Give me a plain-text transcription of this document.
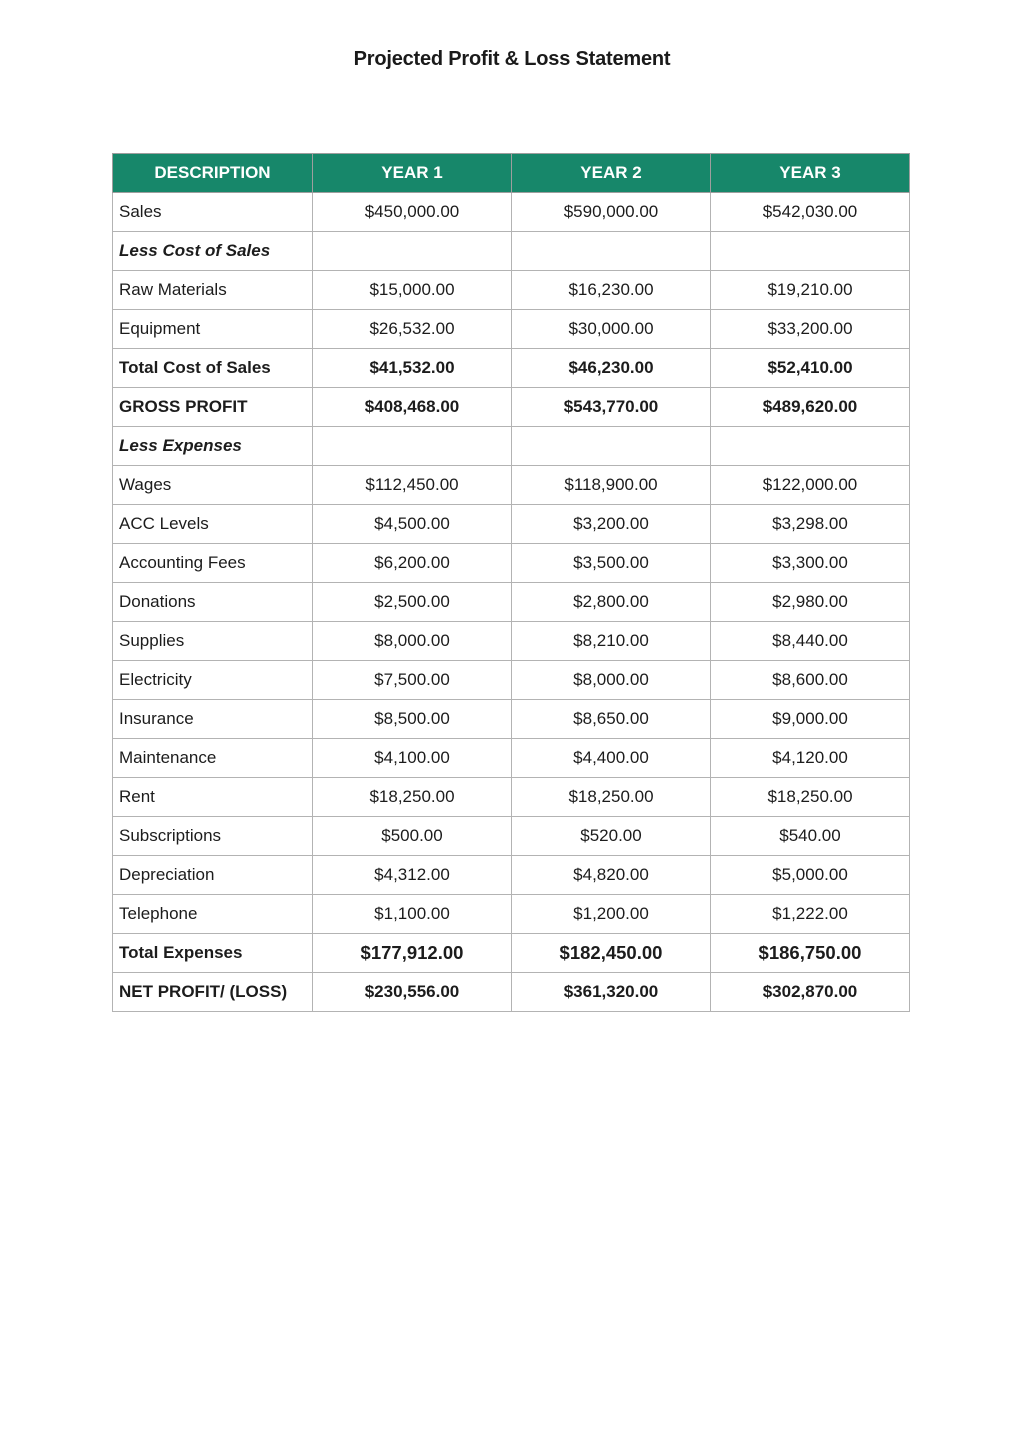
Projected Profit & Loss Statement
DESCRIPTION	YEAR 1	YEAR 2	YEAR 3
Sales	$450,000.00	$590,000.00	$542,030.00
Less Cost of Sales			
Raw Materials	$15,000.00	$16,230.00	$19,210.00
Equipment	$26,532.00	$30,000.00	$33,200.00
Total Cost of Sales	$41,532.00	$46,230.00	$52,410.00
GROSS PROFIT	$408,468.00	$543,770.00	$489,620.00
Less Expenses			
Wages	$112,450.00	$118,900.00	$122,000.00
ACC Levels	$4,500.00	$3,200.00	$3,298.00
Accounting Fees	$6,200.00	$3,500.00	$3,300.00
Donations	$2,500.00	$2,800.00	$2,980.00
Supplies	$8,000.00	$8,210.00	$8,440.00
Electricity	$7,500.00	$8,000.00	$8,600.00
Insurance	$8,500.00	$8,650.00	$9,000.00
Maintenance	$4,100.00	$4,400.00	$4,120.00
Rent	$18,250.00	$18,250.00	$18,250.00
Subscriptions	$500.00	$520.00	$540.00
Depreciation	$4,312.00	$4,820.00	$5,000.00
Telephone	$1,100.00	$1,200.00	$1,222.00
Total Expenses	$177,912.00	$182,450.00	$186,750.00
NET PROFIT/ (LOSS)	$230,556.00	$361,320.00	$302,870.00
